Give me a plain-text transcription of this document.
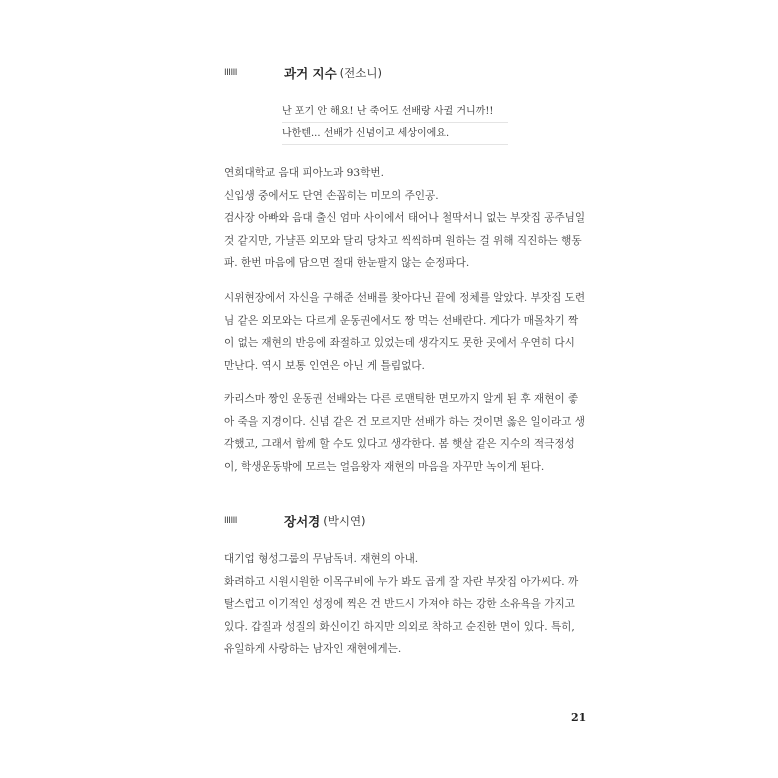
IIIIII	과거 지수 (전소니)
난 포기 안 해요! 난 죽어도 선배랑 사귈 거니까!!
나한텐... 선배가 신념이고 세상이에요.
연희대학교 음대 피아노과 93학번.
신입생 중에서도 단연 손꼽히는 미모의 주인공.
검사장 아빠와 음대 출신 엄마 사이에서 태어나 철딱서니 없는 부잣집 공주님일
것 같지만, 가냘픈 외모와 달리 당차고 씩씩하며 원하는 걸 위해 직진하는 행동
파. 한번 마음에 담으면 절대 한눈팔지 않는 순정파다.
시위현장에서 자신을 구해준 선배를 찾아다닌 끝에 정체를 알았다. 부잣집 도련
님 같은 외모와는 다르게 운동권에서도 짱 먹는 선배란다. 게다가 매몰차기 짝
이 없는 재현의 반응에 좌절하고 있었는데 생각지도 못한 곳에서 우연히 다시
만난다. 역시 보통 인연은 아닌 게 틀림없다.
카리스마 짱인 운동권 선배와는 다른 로맨틱한 면모까지 알게 된 후 재현이 좋
아 죽을 지경이다. 신념 같은 건 모르지만 선배가 하는 것이면 옳은 일이라고 생
각했고, 그래서 함께 할 수도 있다고 생각한다. 봄 햇살 같은 지수의 적극정성
이, 학생운동밖에 모르는 얼음왕자 재현의 마음을 자꾸만 녹이게 된다.
IIIIII	장서경 (박시연)
대기업 형성그룹의 무남독녀. 재현의 아내.
화려하고 시원시원한 이목구비에 누가 봐도 곱게 잘 자란 부잣집 아가씨다. 까
탈스럽고 이기적인 성정에 찍은 건 반드시 가져야 하는 강한 소유욕을 가지고
있다. 갑질과 성질의 화신이긴 하지만 의외로 착하고 순진한 면이 있다. 특히,
유일하게 사랑하는 남자인 재현에게는.
21
